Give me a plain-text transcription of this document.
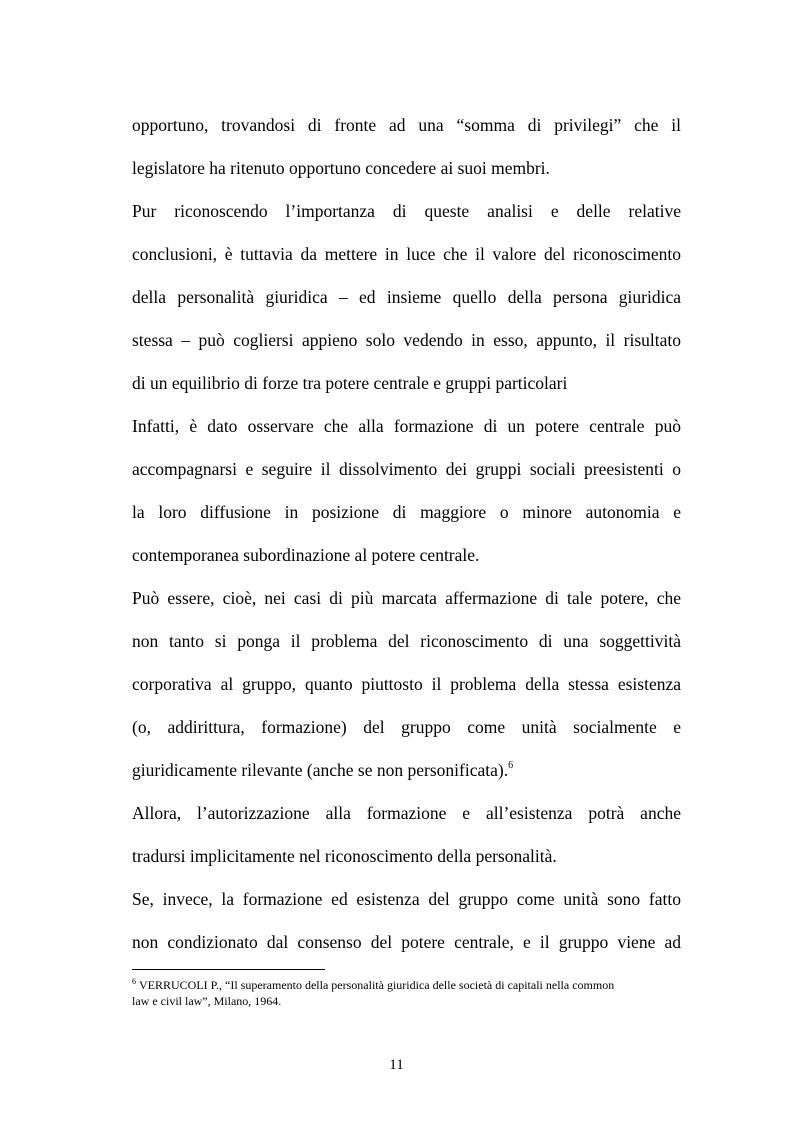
opportuno, trovandosi di fronte ad una “somma di privilegi” che il

legislatore ha ritenuto opportuno concedere ai suoi membri.

Pur riconoscendo l’importanza di queste analisi e delle relative

conclusioni, è tuttavia da mettere in luce che il valore del riconoscimento

della personalità giuridica – ed insieme quello della persona giuridica

stessa – può cogliersi appieno solo vedendo in esso, appunto, il risultato

di un equilibrio di forze tra potere centrale e gruppi particolari

Infatti, è dato osservare che alla formazione di un potere centrale può

accompagnarsi e seguire il dissolvimento dei gruppi sociali preesistenti o

la loro diffusione in posizione di maggiore o minore autonomia e

contemporanea subordinazione al potere centrale.

Può essere, cioè, nei casi di più marcata affermazione di tale potere, che

non tanto si ponga il problema del riconoscimento di una soggettività

corporativa al gruppo, quanto piuttosto il problema della stessa esistenza

(o, addirittura, formazione) del gruppo come unità socialmente e

giuridicamente rilevante (anche se non personificata).$^6$

Allora, l’autorizzazione alla formazione e all’esistenza potrà anche

tradursi implicitamente nel riconoscimento della personalità.

Se, invece, la formazione ed esistenza del gruppo come unità sono fatto

non condizionato dal consenso del potere centrale, e il gruppo viene ad

$^6$ VERRUCOLI P., “Il superamento della personalità giuridica delle società di capitali nella common

law e civil law”, Milano, 1964.

11
